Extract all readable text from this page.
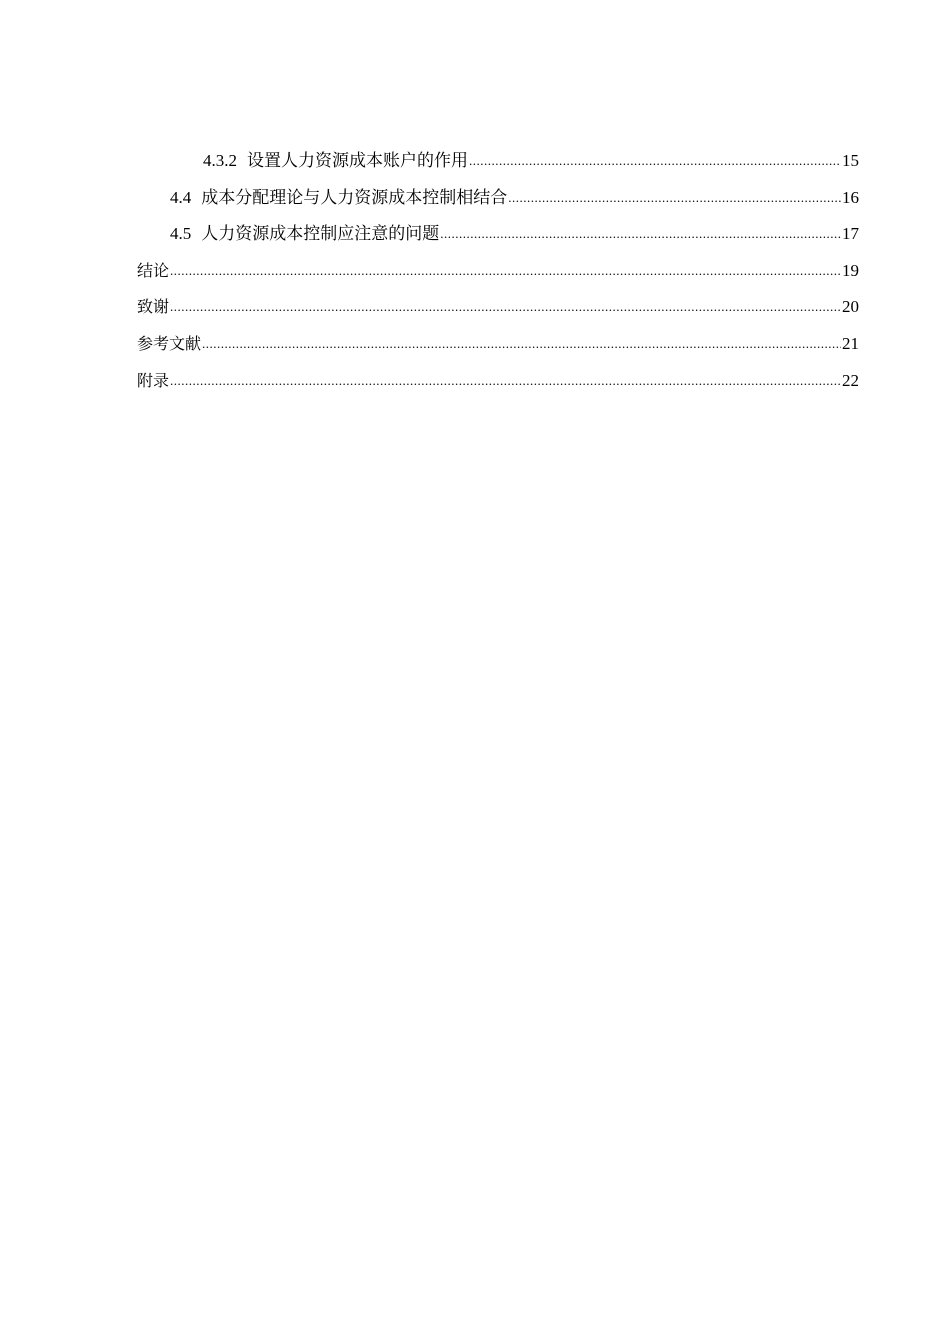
4.3.2 设置人力资源成本账户的作用 .....	15
4.4 成本分配理论与人力资源成本控制相结合 .....	16
4.5 人力资源成本控制应注意的问题 .....	17
结论 .....	19
致谢 .....	20
参考文献 .....	21
附录 .....	22
